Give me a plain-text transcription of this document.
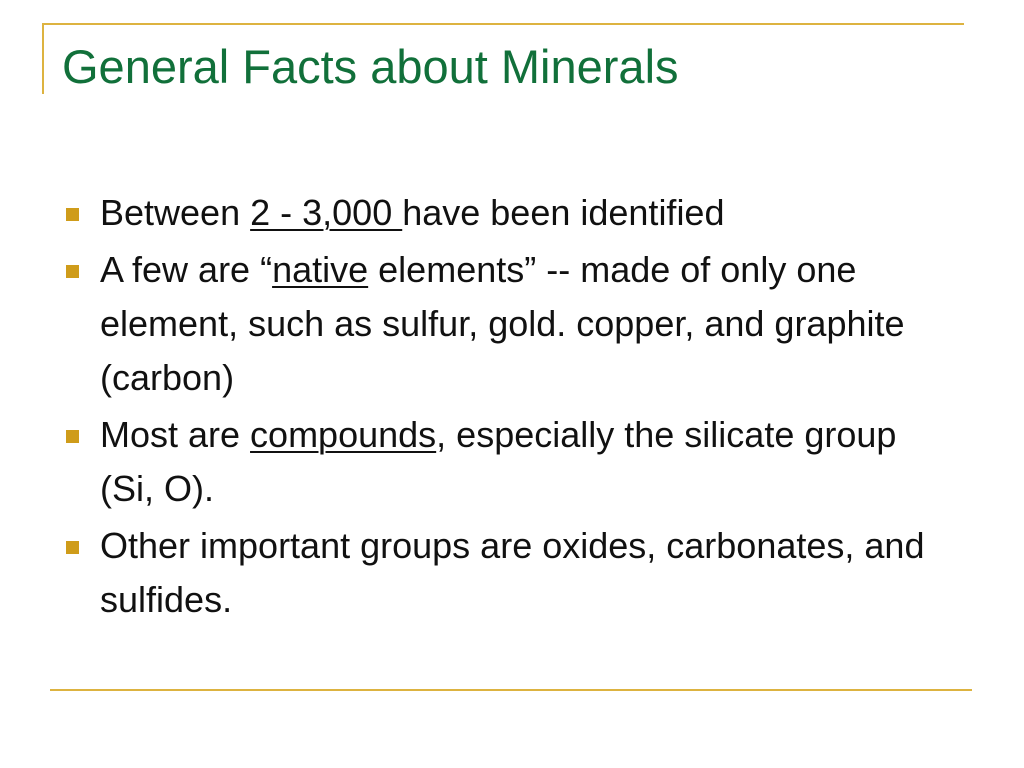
General Facts about Minerals
Between 2 - 3,000 have been identified
A few are “native elements” -- made of only one element, such as sulfur, gold. copper, and graphite (carbon)
Most are compounds, especially the silicate group (Si, O).
Other important groups are oxides, carbonates, and sulfides.
